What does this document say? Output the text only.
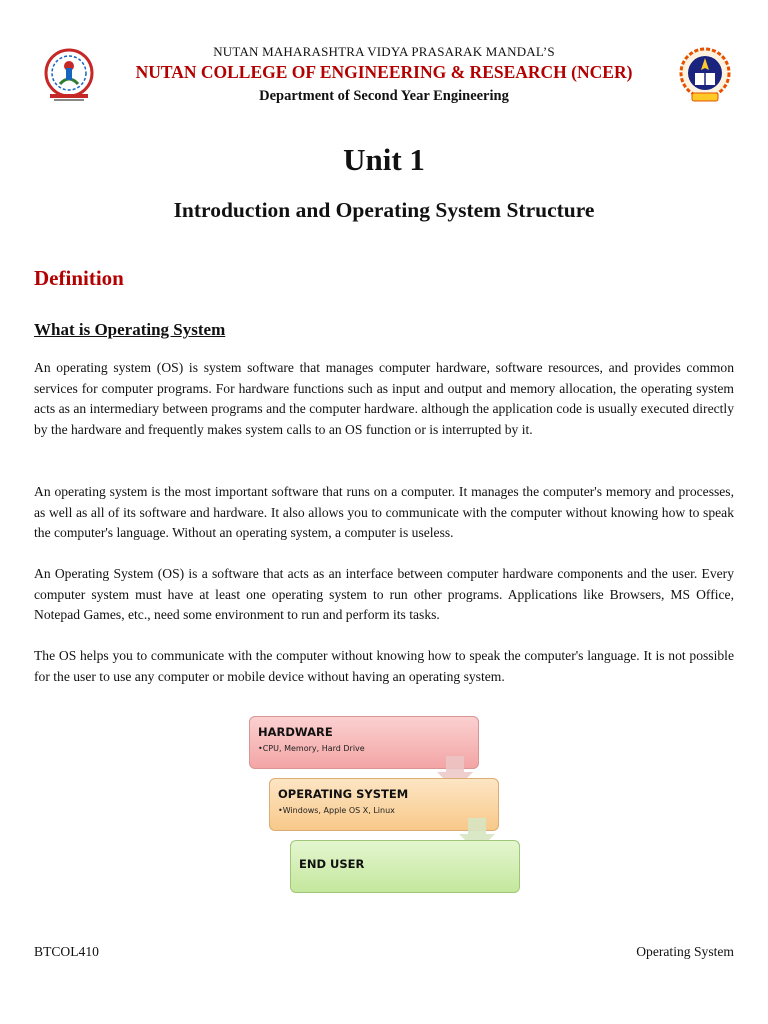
NUTAN MAHARASHTRA VIDYA PRASARAK MANDAL’S
NUTAN COLLEGE OF ENGINEERING & RESEARCH (NCER)
Department of Second Year Engineering
Unit 1
Introduction and Operating System Structure
Definition
What is Operating System
An operating system (OS) is system software that manages computer hardware, software resources, and provides common services for computer programs. For hardware functions such as input and output and memory allocation, the operating system acts as an intermediary between programs and the computer hardware. although the application code is usually executed directly by the hardware and frequently makes system calls to an OS function or is interrupted by it.
An operating system is the most important software that runs on a computer. It manages the computer's memory and processes, as well as all of its software and hardware. It also allows you to communicate with the computer without knowing how to speak the computer's language. Without an operating system, a computer is useless.
An Operating System (OS) is a software that acts as an interface between computer hardware components and the user. Every computer system must have at least one operating system to run other programs. Applications like Browsers, MS Office, Notepad Games, etc., need some environment to run and perform its tasks.
The OS helps you to communicate with the computer without knowing how to speak the computer's language. It is not possible for the user to use any computer or mobile device without having an operating system.
HARDWARE
•CPU, Memory, Hard Drive
OPERATING SYSTEM
•Windows, Apple OS X, Linux
END USER
BTCOL410	Operating System
